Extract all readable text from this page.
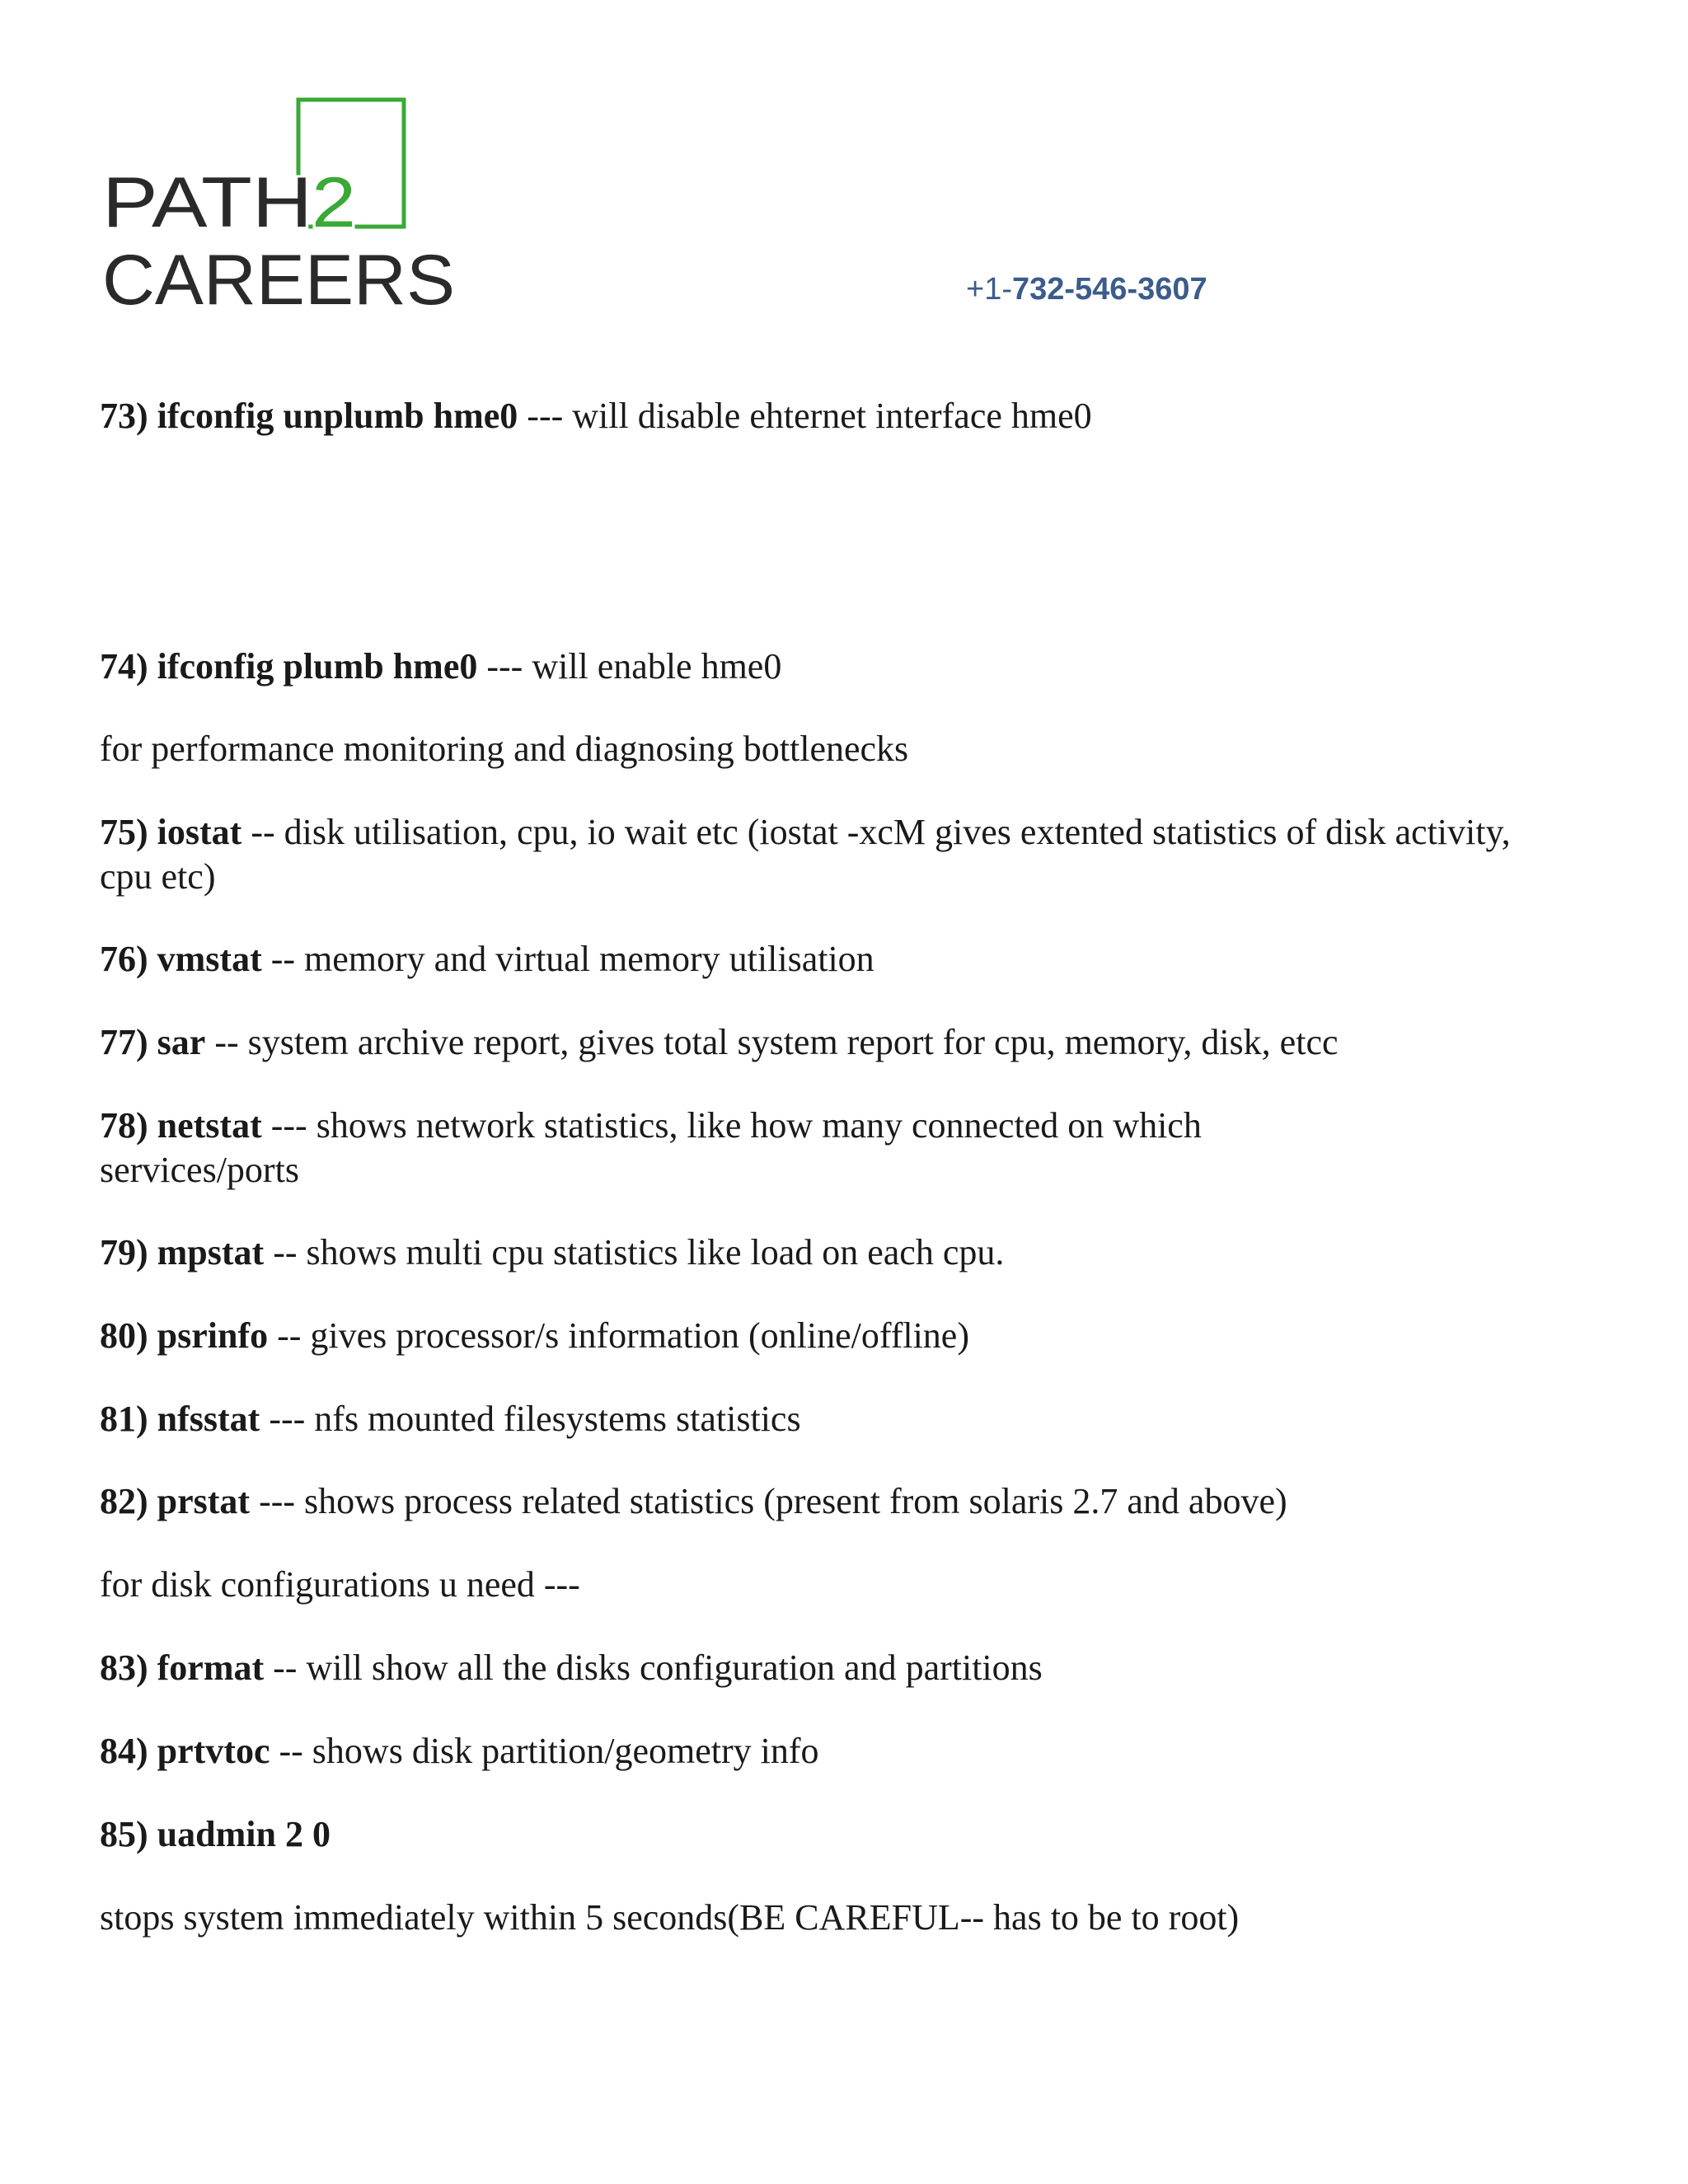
PATH 2
CAREERS	+1-732-546-3607

73) ifconfig unplumb hme0 --- will disable ehternet interface hme0

74) ifconfig plumb hme0 --- will enable hme0

for performance monitoring and diagnosing bottlenecks

75) iostat -- disk utilisation, cpu, io wait etc (iostat -xcM gives extented statistics of disk activity, cpu etc)

76) vmstat -- memory and virtual memory utilisation

77) sar -- system archive report, gives total system report for cpu, memory, disk, etcc

78) netstat --- shows network statistics, like how many connected on which services/ports

79) mpstat -- shows multi cpu statistics like load on each cpu.

80) psrinfo -- gives processor/s information (online/offline)

81) nfsstat --- nfs mounted filesystems statistics

82) prstat --- shows process related statistics (present from solaris 2.7 and above)

for disk configurations u need ---

83) format -- will show all the disks configuration and partitions

84) prtvtoc -- shows disk partition/geometry info

85) uadmin 2 0

stops system immediately within 5 seconds(BE CAREFUL-- has to be to root)
